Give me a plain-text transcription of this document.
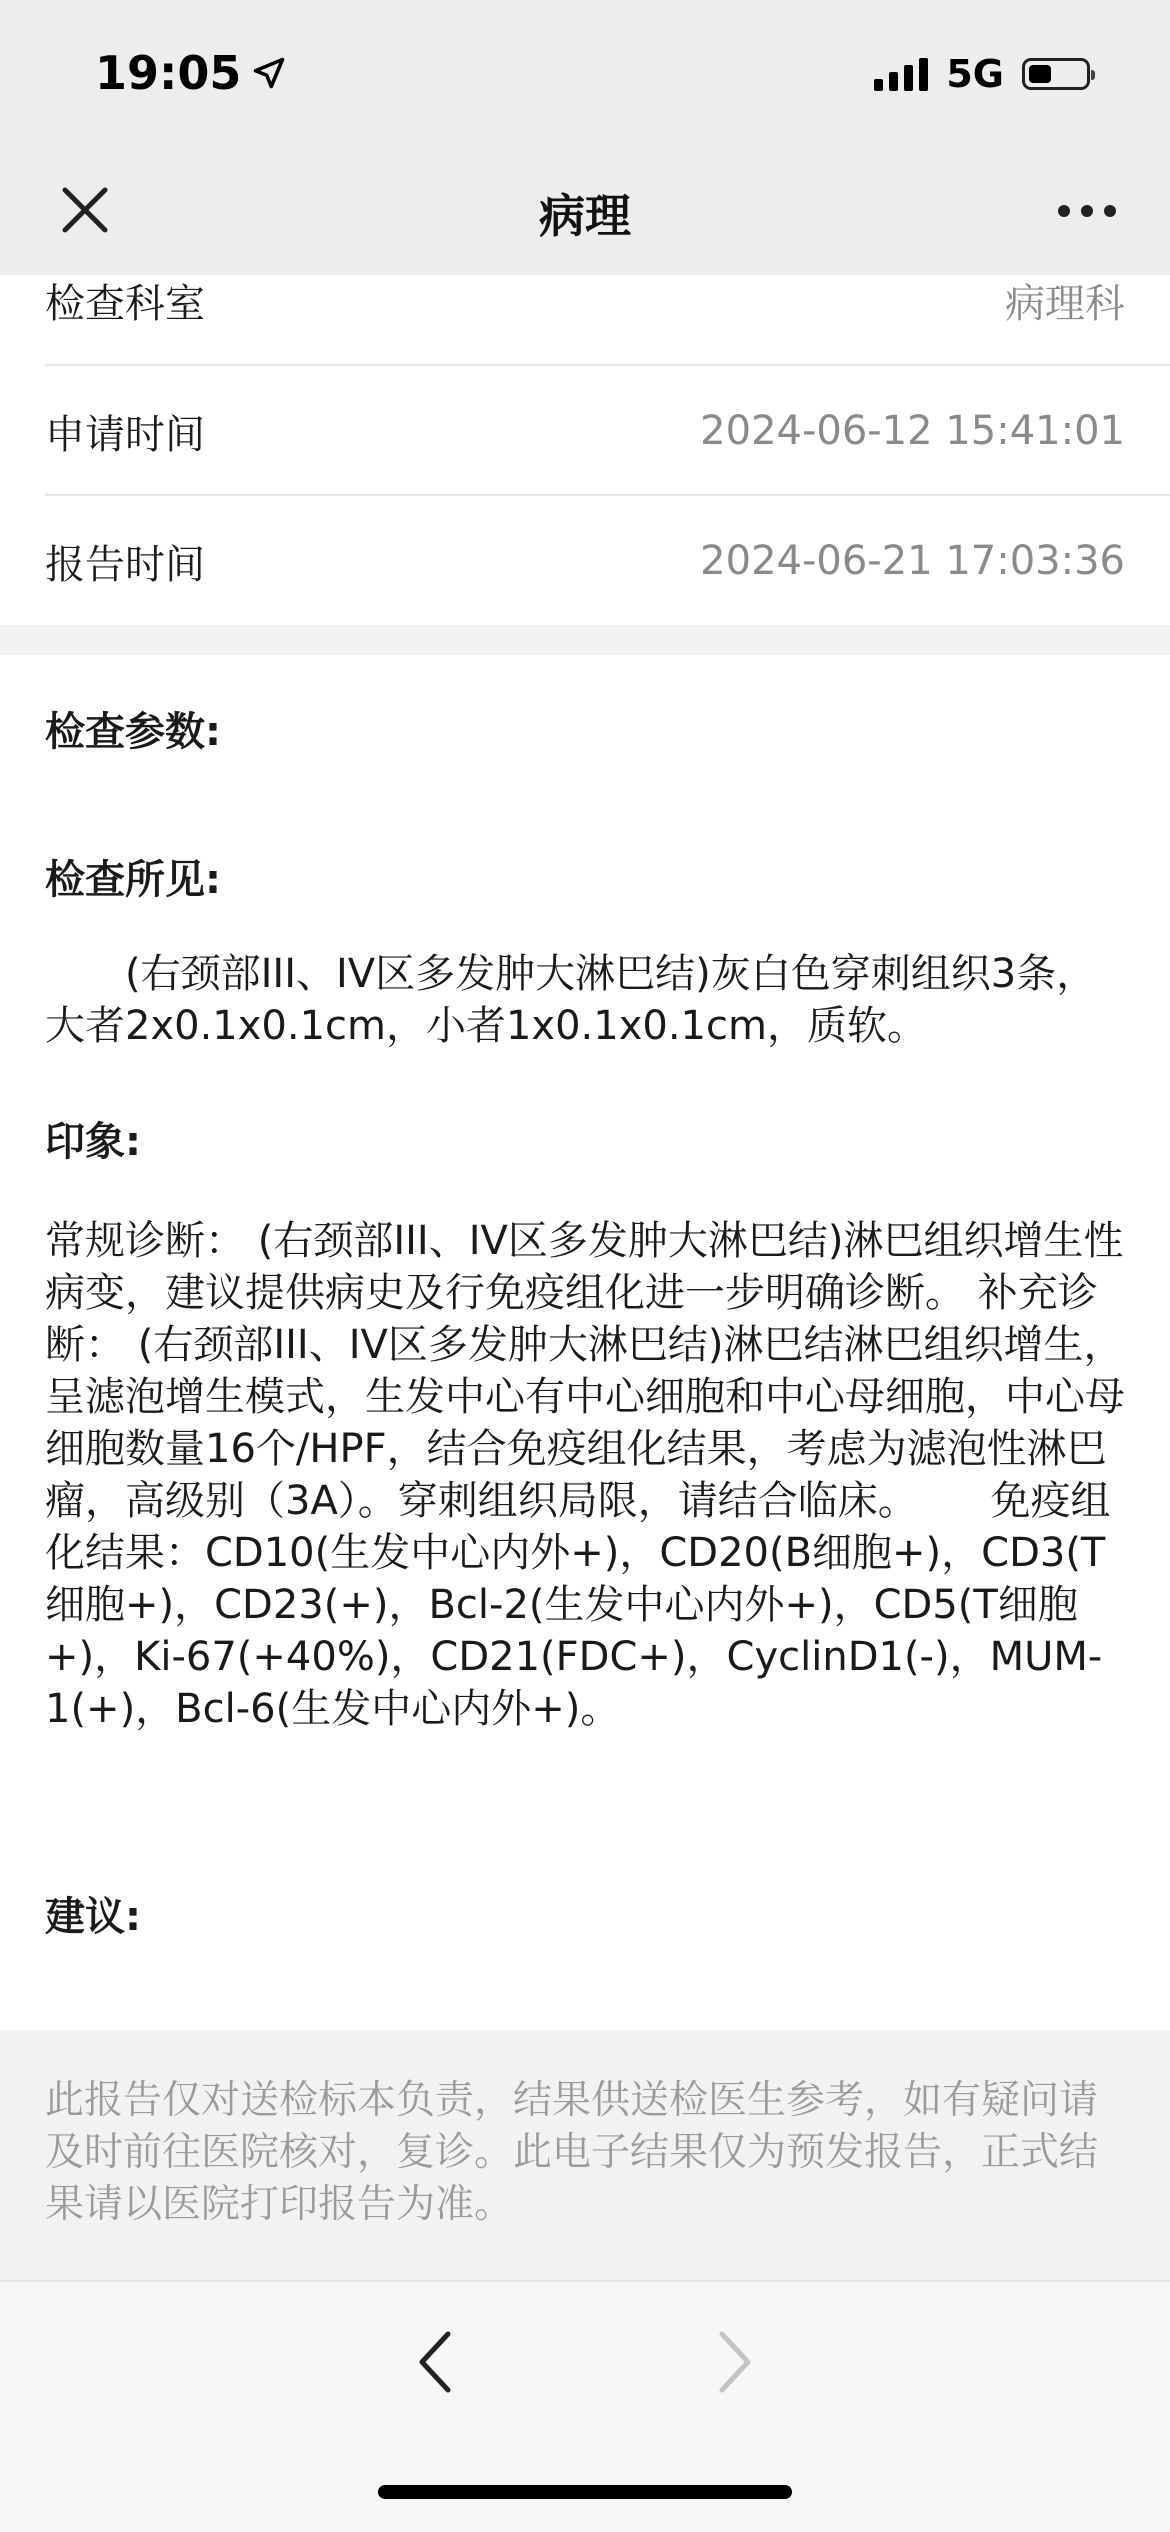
19:05	5G
病理
检查科室	病理科
申请时间	2024-06-12 15:41:01
报告时间	2024-06-21 17:03:36
检查参数:
检查所见:
　　(右颈部III、IV区多发肿大淋巴结)灰白色穿刺组织3条，大者2x0.1x0.1cm，小者1x0.1x0.1cm，质软。
印象:
常规诊断： (右颈部III、IV区多发肿大淋巴结)淋巴组织增生性病变，建议提供病史及行免疫组化进一步明确诊断。 补充诊断： (右颈部III、IV区多发肿大淋巴结)淋巴结淋巴组织增生，呈滤泡增生模式，生发中心有中心细胞和中心母细胞，中心母细胞数量16个/HPF，结合免疫组化结果，考虑为滤泡性淋巴瘤，高级别（3A）。穿刺组织局限，请结合临床。　　 免疫组化结果：CD10(生发中心内外+)，CD20(B细胞+)，CD3(T细胞+)，CD23(+)，Bcl-2(生发中心内外+)，CD5(T细胞+)，Ki-67(+40%)，CD21(FDC+)，CyclinD1(-)，MUM-1(+)，Bcl-6(生发中心内外+)。
建议:
此报告仅对送检标本负责，结果供送检医生参考，如有疑问请及时前往医院核对，复诊。此电子结果仅为预发报告，正式结果请以医院打印报告为准。
